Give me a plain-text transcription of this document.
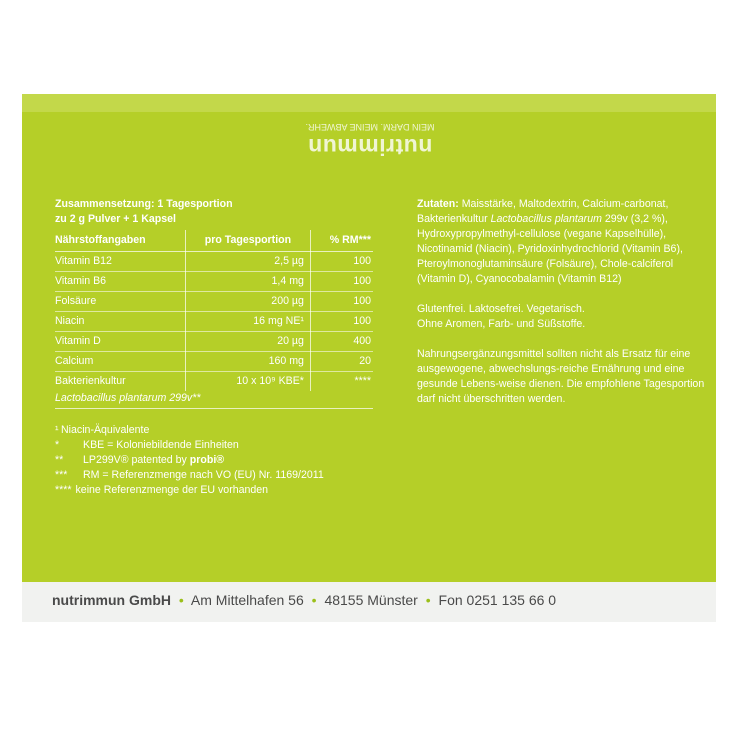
nutrimmun
MEIN DARM. MEINE ABWEHR.
Zusammensetzung: 1 Tagesportion
zu 2 g Pulver + 1 Kapsel
Nährstoffangaben	pro Tagesportion	% RM***
Vitamin B12	2,5 µg	100
Vitamin B6	1,4 mg	100
Folsäure	200 µg	100
Niacin	16 mg NE¹	100
Vitamin D	20 µg	400
Calcium	160 mg	20
Bakterienkultur	10 x 10⁹ KBE*	****
Lactobacillus plantarum 299v**
¹ Niacin-Äquivalente
*	KBE = Koloniebildende Einheiten
**	LP299V® patented by probi®
***	RM = Referenzmenge nach VO (EU) Nr. 1169/2011
**** keine Referenzmenge der EU vorhanden
Zutaten: Maisstärke, Maltodextrin, Calcium-carbonat, Bakterienkultur Lactobacillus plantarum 299v (3,2 %), Hydroxypropylmethyl-cellulose (vegane Kapselhülle), Nicotinamid (Niacin), Pyridoxinhydrochlorid (Vitamin B6), Pteroylmonoglutaminsäure (Folsäure), Chole-calciferol (Vitamin D), Cyanocobalamin (Vitamin B12)
Glutenfrei. Laktosefrei. Vegetarisch.
Ohne Aromen, Farb- und Süßstoffe.
Nahrungsergänzungsmittel sollten nicht als Ersatz für eine ausgewogene, abwechslungs-reiche Ernährung und eine gesunde Lebens-weise dienen. Die empfohlene Tagesportion darf nicht überschritten werden.
nutrimmun GmbH • Am Mittelhafen 56 • 48155 Münster • Fon 0251 135 66 0
